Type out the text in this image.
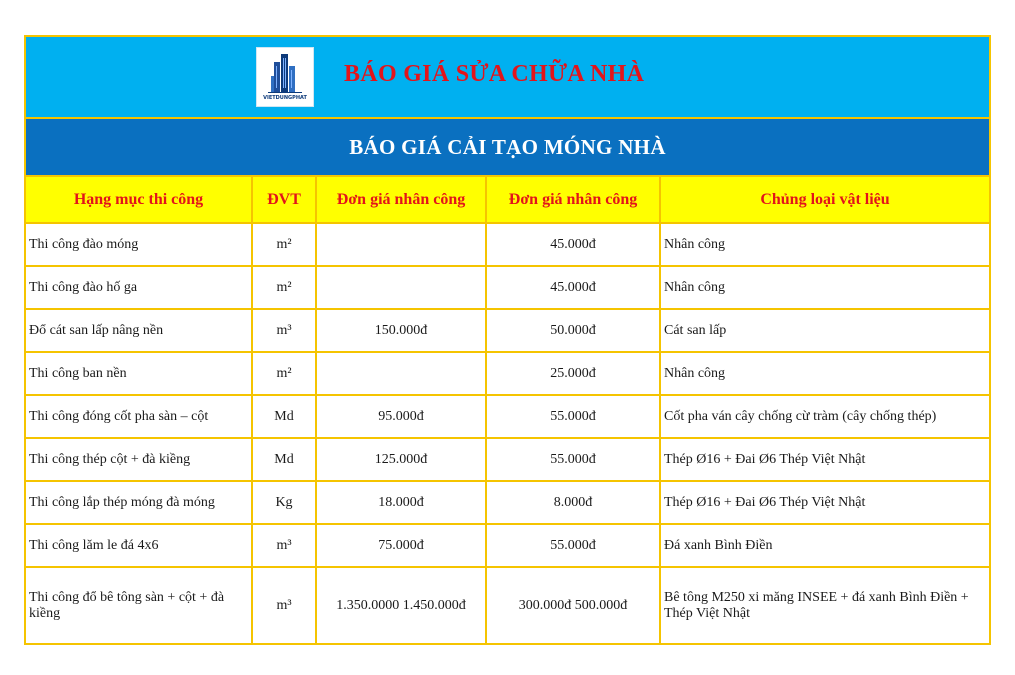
VIETDUNGPHAT
BÁO GIÁ SỬA CHỮA NHÀ
BÁO GIÁ CẢI TẠO MÓNG NHÀ
Hạng mục thi công	ĐVT	Đơn giá nhân công	Đơn giá nhân công	Chủng loại vật liệu
Thi công đào móng	m²		45.000đ	Nhân công
Thi công đào hố ga	m²		45.000đ	Nhân công
Đổ cát san lấp nâng nền	m³	150.000đ	50.000đ	Cát san lấp
Thi công ban nền	m²		25.000đ	Nhân công
Thi công đóng cốt pha sàn – cột	Md	95.000đ	55.000đ	Cốt pha ván cây chống cừ tràm (cây chống thép)
Thi công thép cột + đà kiềng	Md	125.000đ	55.000đ	Thép Ø16 + Đai Ø6 Thép Việt Nhật
Thi công lắp thép móng đà móng	Kg	18.000đ	8.000đ	Thép Ø16 + Đai Ø6 Thép Việt Nhật
Thi công lăm le đá 4x6	m³	75.000đ	55.000đ	Đá xanh Bình Điền
Thi công đổ bê tông sàn + cột + đà kiềng	m³	1.350.0000 1.450.000đ	300.000đ 500.000đ	Bê tông M250 xi măng INSEE + đá xanh Bình Điền + Thép Việt Nhật
